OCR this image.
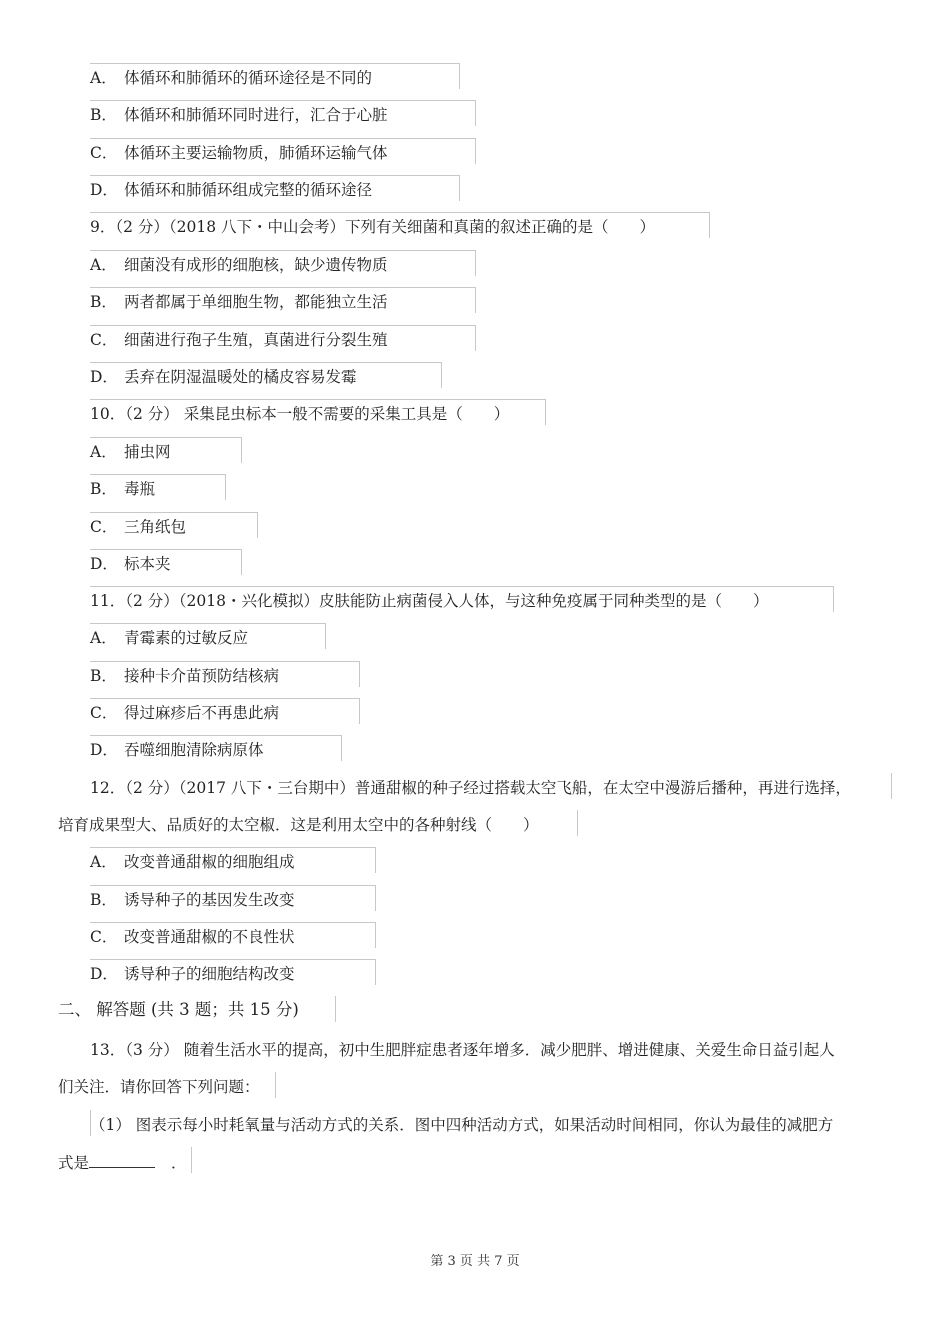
A． 体循环和肺循环的循环途径是不同的
B． 体循环和肺循环同时进行，汇合于心脏
C． 体循环主要运输物质，肺循环运输气体
D． 体循环和肺循环组成完整的循环途径
9．（2 分）（2018 八下・中山会考）下列有关细菌和真菌的叙述正确的是（　　）
A． 细菌没有成形的细胞核，缺少遗传物质
B． 两者都属于单细胞生物，都能独立生活
C． 细菌进行孢子生殖，真菌进行分裂生殖
D． 丢弃在阴湿温暖处的橘皮容易发霉
10．（2 分） 采集昆虫标本一般不需要的采集工具是（　　）
A． 捕虫网
B． 毒瓶
C． 三角纸包
D． 标本夹
11．（2 分）（2018・兴化模拟）皮肤能防止病菌侵入人体，与这种免疫属于同种类型的是（　　）
A． 青霉素的过敏反应
B． 接种卡介苗预防结核病
C． 得过麻疹后不再患此病
D． 吞噬细胞清除病原体
12．（2 分）（2017 八下・三台期中）普通甜椒的种子经过搭载太空飞船，在太空中漫游后播种，再进行选择，
培育成果型大、品质好的太空椒．这是利用太空中的各种射线（　　）
A． 改变普通甜椒的细胞组成
B． 诱导种子的基因发生改变
C． 改变普通甜椒的不良性状
D． 诱导种子的细胞结构改变
二、 解答题 (共 3 题；共 15 分)
13．（3 分） 随着生活水平的提高，初中生肥胖症患者逐年增多．减少肥胖、增进健康、关爱生命日益引起人
们关注．请你回答下列问题：
（1） 图表示每小时耗氧量与活动方式的关系．图中四种活动方式，如果活动时间相同，你认为最佳的减肥方
式是	．
第 3 页 共 7 页
